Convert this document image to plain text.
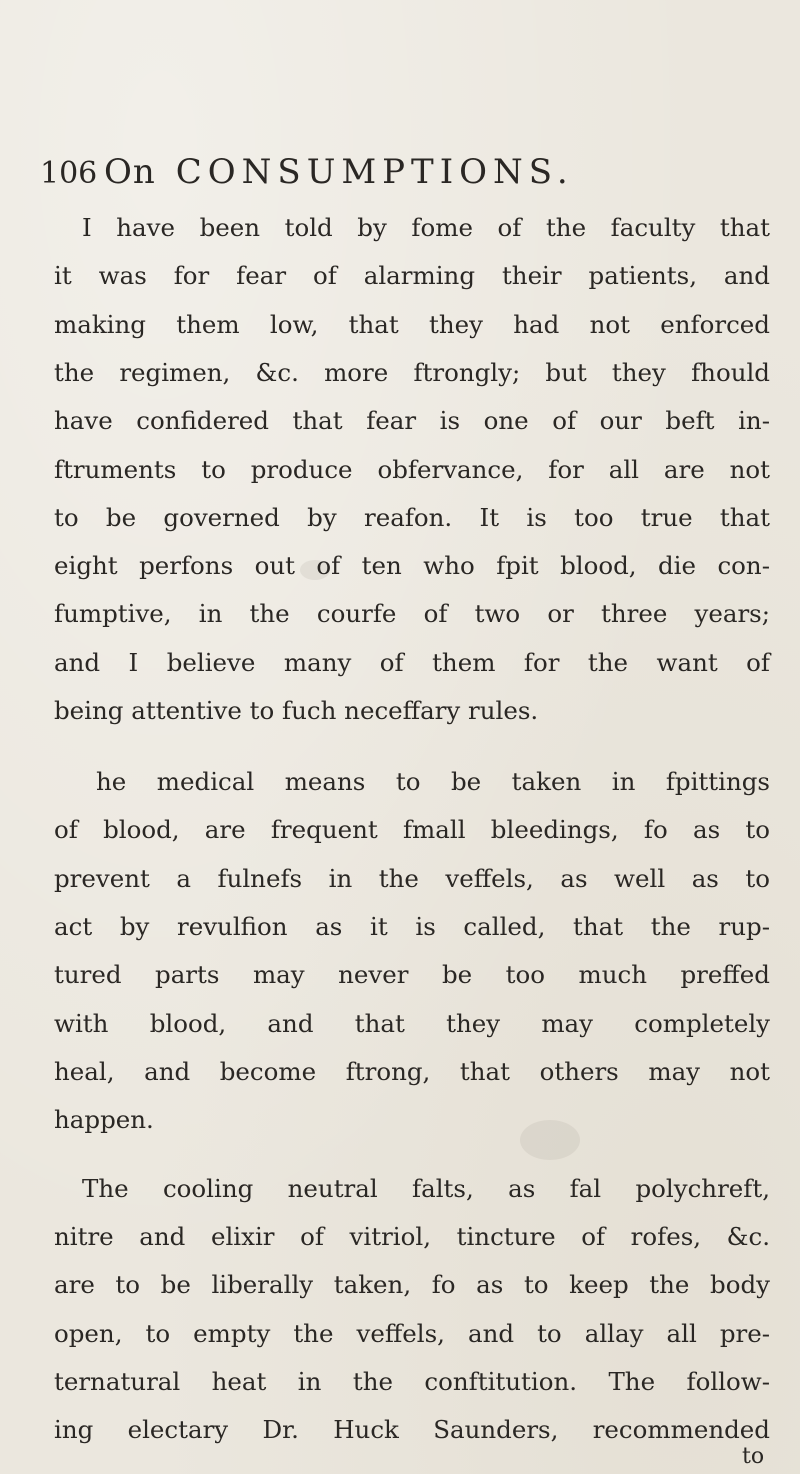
106 On CONSUMPTIONS.
I have been told by fome of the faculty that
it was for fear of alarming their patients, and
making them low, that they had not enforced
the regimen, &c. more ftrongly; but they fhould
have confidered that fear is one of our beft in-
ftruments to produce obfervance, for all are not
to be governed by reafon. It is too true that
eight perfons out of ten who fpit blood, die con-
fumptive, in the courfe of two or three years;
and I believe many of them for the want of
being attentive to fuch neceffary rules.
he medical means to be taken in fpittings
of blood, are frequent fmall bleedings, fo as to
prevent a fulnefs in the veffels, as well as to
act by revulfion as it is called, that the rup-
tured parts may never be too much preffed
with blood, and that they may completely
heal, and become ftrong, that others may not
happen.
The cooling neutral falts, as fal polychreft,
nitre and elixir of vitriol, tincture of rofes, &c.
are to be liberally taken, fo as to keep the body
open, to empty the veffels, and to allay all pre-
ternatural heat in the conftitution. The follow-
ing electary Dr. Huck Saunders, recommended
to
